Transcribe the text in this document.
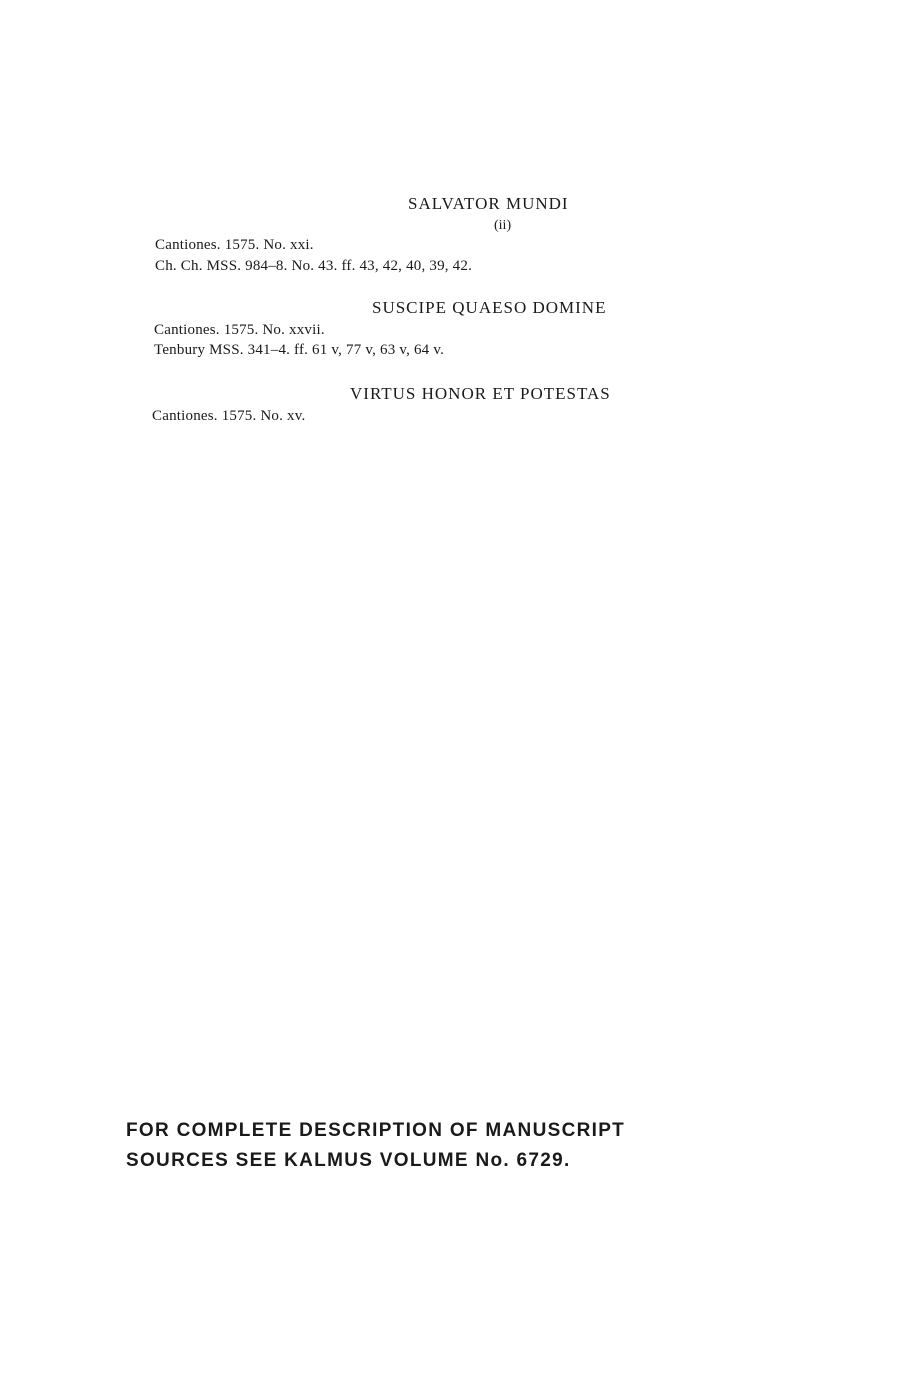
SALVATOR MUNDI
(ii)
Cantiones. 1575. No. xxi.
Ch. Ch. MSS. 984–8. No. 43. ff. 43, 42, 40, 39, 42.
SUSCIPE QUAESO DOMINE
Cantiones. 1575. No. xxvii.
Tenbury MSS. 341–4. ff. 61 v, 77 v, 63 v, 64 v.
VIRTUS HONOR ET POTESTAS
Cantiones. 1575. No. xv.
FOR COMPLETE DESCRIPTION OF MANUSCRIPT
SOURCES SEE KALMUS VOLUME No. 6729.
